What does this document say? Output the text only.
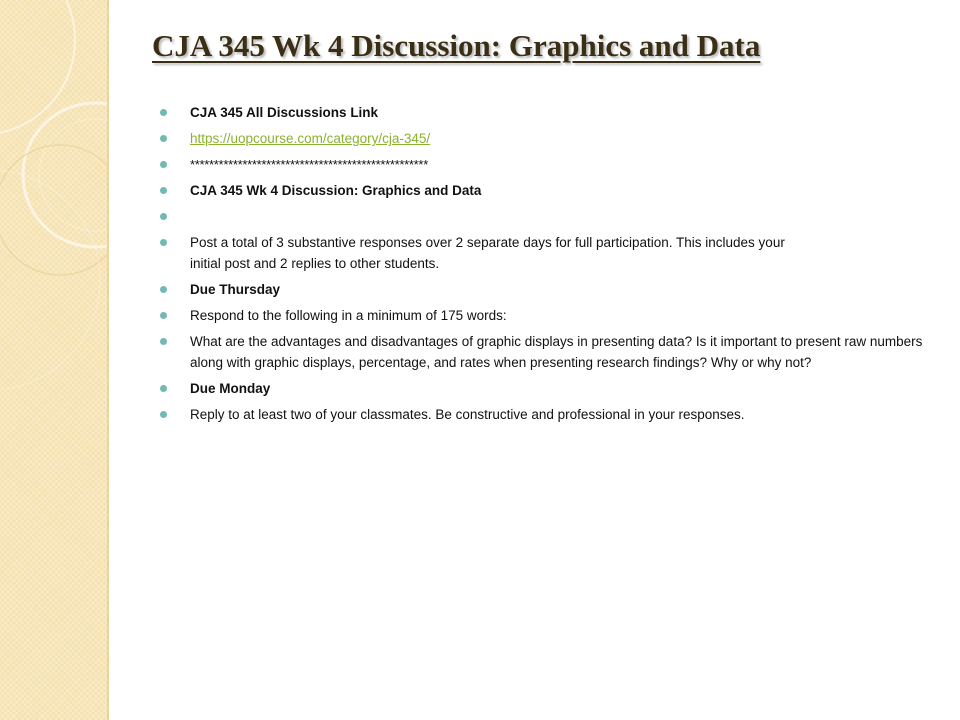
CJA 345 Wk 4 Discussion: Graphics and Data
CJA 345 All Discussions Link
https://uopcourse.com/category/cja-345/
**************************************************
CJA 345 Wk 4 Discussion: Graphics and Data
Post a total of 3 substantive responses over 2 separate days for full participation. This includes your initial post and 2 replies to other students.
Due Thursday
Respond to the following in a minimum of 175 words:
What are the advantages and disadvantages of graphic displays in presenting data? Is it important to present raw numbers along with graphic displays, percentage, and rates when presenting research findings? Why or why not?
Due Monday
Reply to at least two of your classmates. Be constructive and professional in your responses.
